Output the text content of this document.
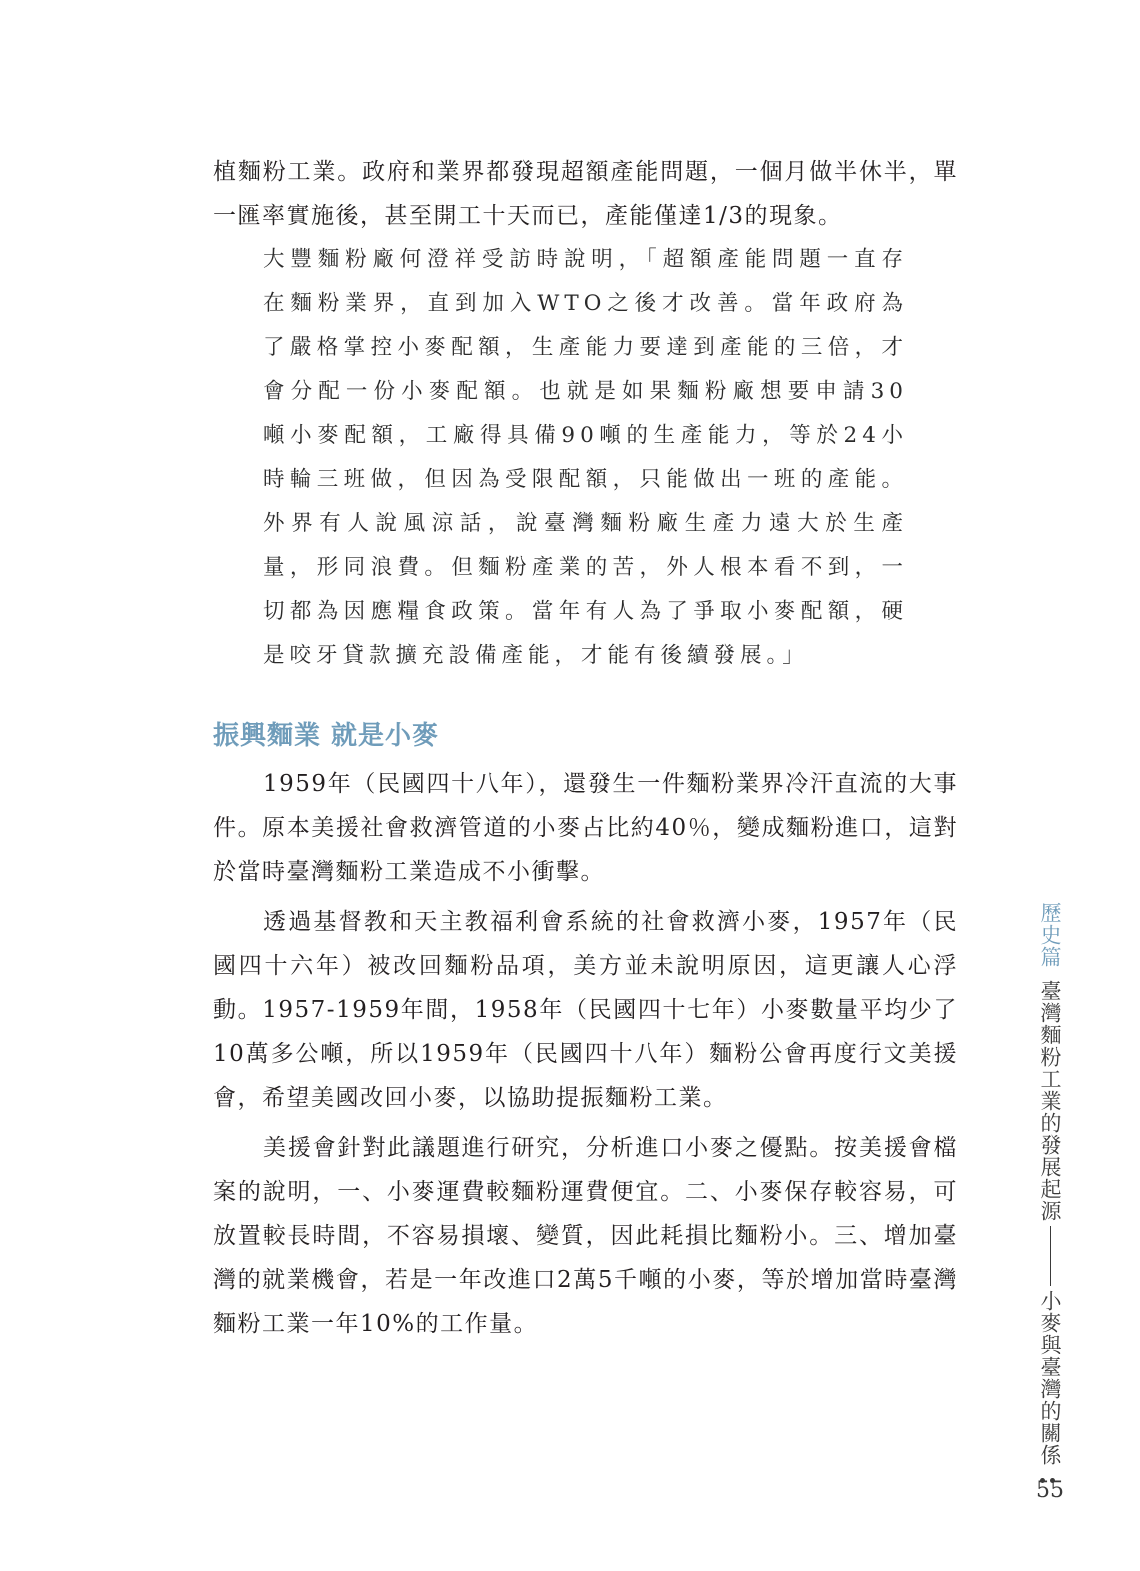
植麵粉工業。政府和業界都發現超額產能問題，一個月做半休半，單一匯率實施後，甚至開工十天而已，產能僅達1/3的現象。

大豐麵粉廠何澄祥受訪時說明，「超額產能問題一直存在麵粉業界，直到加入WTO之後才改善。當年政府為了嚴格掌控小麥配額，生產能力要達到產能的三倍，才會分配一份小麥配額。也就是如果麵粉廠想要申請30噸小麥配額，工廠得具備90噸的生產能力，等於24小時輪三班做，但因為受限配額，只能做出一班的產能。外界有人說風涼話，說臺灣麵粉廠生產力遠大於生產量，形同浪費。但麵粉產業的苦，外人根本看不到，一切都為因應糧食政策。當年有人為了爭取小麥配額，硬是咬牙貸款擴充設備產能，才能有後續發展。」

振興麵業 就是小麥

1959年（民國四十八年），還發生一件麵粉業界冷汗直流的大事件。原本美援社會救濟管道的小麥占比約40％，變成麵粉進口，這對於當時臺灣麵粉工業造成不小衝擊。

透過基督教和天主教福利會系統的社會救濟小麥，1957年（民國四十六年）被改回麵粉品項，美方並未說明原因，這更讓人心浮動。1957-1959年間，1958年（民國四十七年）小麥數量平均少了10萬多公噸，所以1959年（民國四十八年）麵粉公會再度行文美援會，希望美國改回小麥，以協助提振麵粉工業。

美援會針對此議題進行研究，分析進口小麥之優點。按美援會檔案的說明，一、小麥運費較麵粉運費便宜。二、小麥保存較容易，可放置較長時間，不容易損壞、變質，因此耗損比麵粉小。三、增加臺灣的就業機會，若是一年改進口2萬5千噸的小麥，等於增加當時臺灣麵粉工業一年10%的工作量。

歷史篇
臺灣麵粉工業的發展起源
小麥與臺灣的關係
55
